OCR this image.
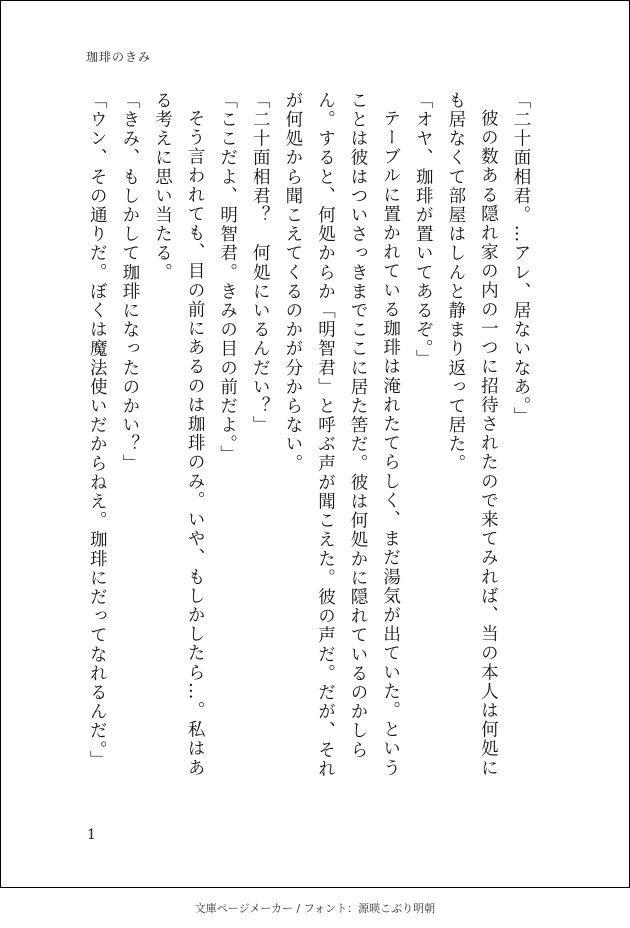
珈琲のきみ

「二十面相君。…アレ、居ないなあ。」

彼の数ある隠れ家の内の一つに招待されたので来てみれば、当の本人は何処にも居なくて部屋はしんと静まり返って居た。

「オヤ、珈琲が置いてあるぞ。」

テーブルに置かれている珈琲は淹れたてらしく、まだ湯気が出ていた。ということは彼はついさっきまでここに居た筈だ。彼は何処かに隠れているのかしらん。すると、何処からか「明智君」と呼ぶ声が聞こえた。彼の声だ。だが、それが何処から聞こえてくるのかが分からない。

「二十面相君？　何処にいるんだい？」

「ここだよ、明智君。きみの目の前だよ。」

そう言われても、目の前にあるのは珈琲のみ。いや、もしかしたら…。私はある考えに思い当たる。

「きみ、もしかして珈琲になったのかい？」

「ウン、その通りだ。ぼくは魔法使いだからねえ。珈琲にだってなれるんだ。」

1
文庫ページメーカー / フォント：源暎こぶり明朝
